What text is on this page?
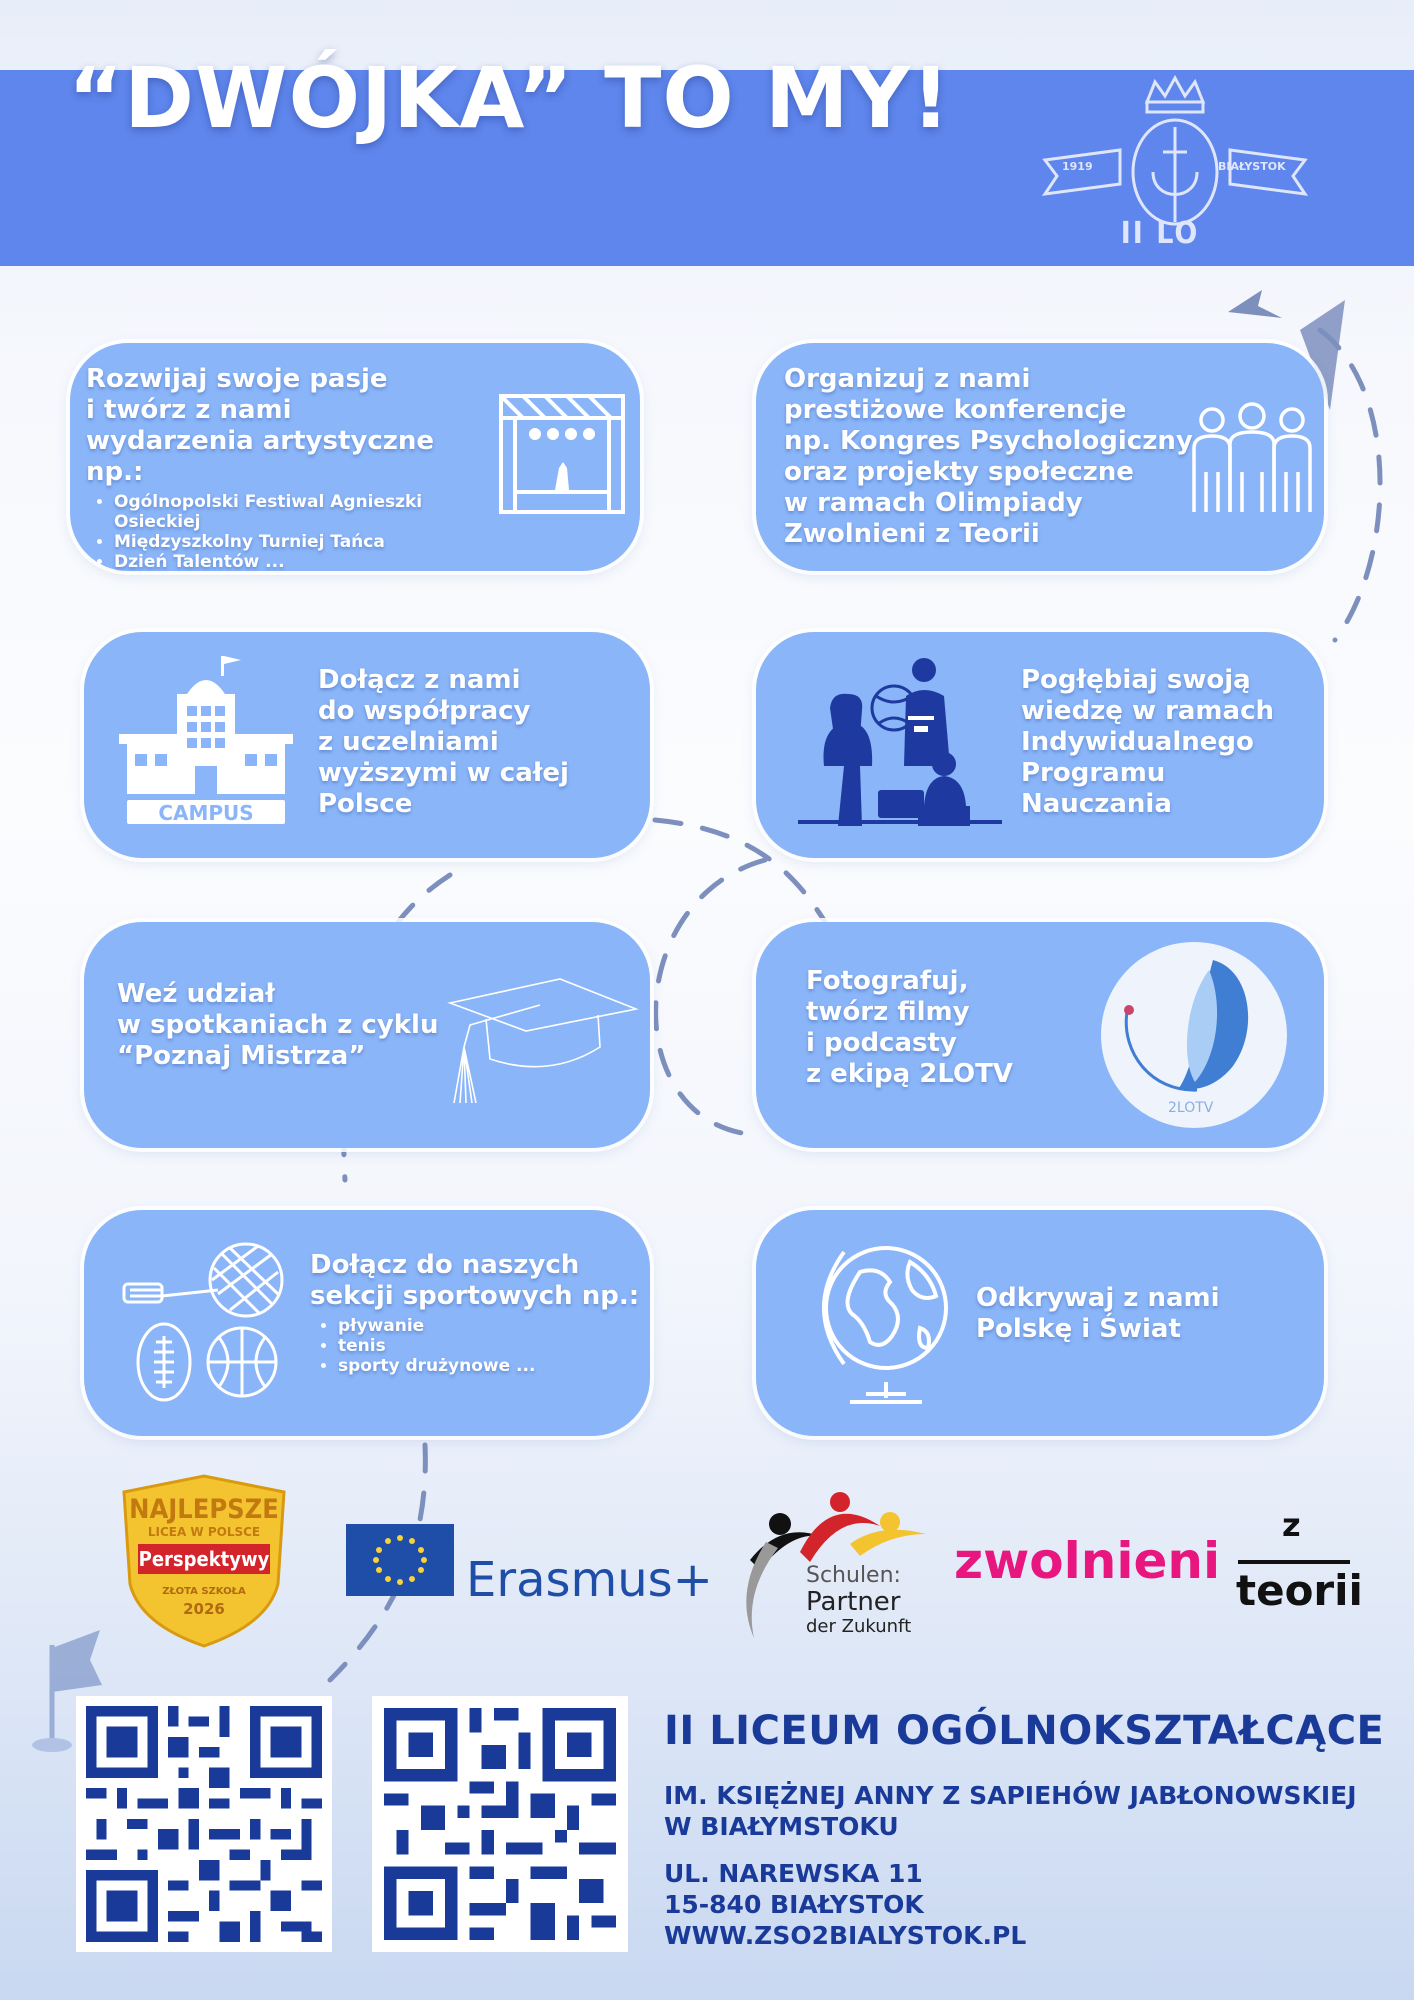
“DWÓJKA” TO MY!
1919	BIAŁYSTOK
II LO
Rozwijaj swoje pasje
i twórz z nami
wydarzenia artystyczne np.:
• Ogólnopolski Festiwal Agnieszki Osieckiej
• Międzyszkolny Turniej Tańca
• Dzień Talentów ...
Organizuj z nami
prestiżowe konferencje
np. Kongres Psychologiczny
oraz projekty społeczne
w ramach Olimpiady
Zwolnieni z Teorii
CAMPUS
Dołącz z nami
do współpracy
z uczelniami
wyższymi w całej
Polsce
Pogłębiaj swoją
wiedzę w ramach
Indywidualnego
Programu
Nauczania
Weź udział
w spotkaniach z cyklu
“Poznaj Mistrza”
Fotografuj,
twórz filmy
i podcasty
z ekipą 2LOTV
2LOTV
Dołącz do naszych
sekcji sportowych np.:
• pływanie
• tenis
• sporty drużynowe ...
Odkrywaj z nami
Polskę i Świat
NAJLEPSZE
LICEA W POLSCE
Perspektywy
ZŁOTA SZKOŁA
2026
Erasmus+	Schulen:
Partner
der Zukunft
zwolnieni
z
teorii
II LICEUM OGÓLNOKSZTAŁCĄCE
IM. KSIĘŻNEJ ANNY Z SAPIEHÓW JABŁONOWSKIEJ
W BIAŁYMSTOKU
UL. NAREWSKA 11
15-840 BIAŁYSTOK
WWW.ZSO2BIALYSTOK.PL
